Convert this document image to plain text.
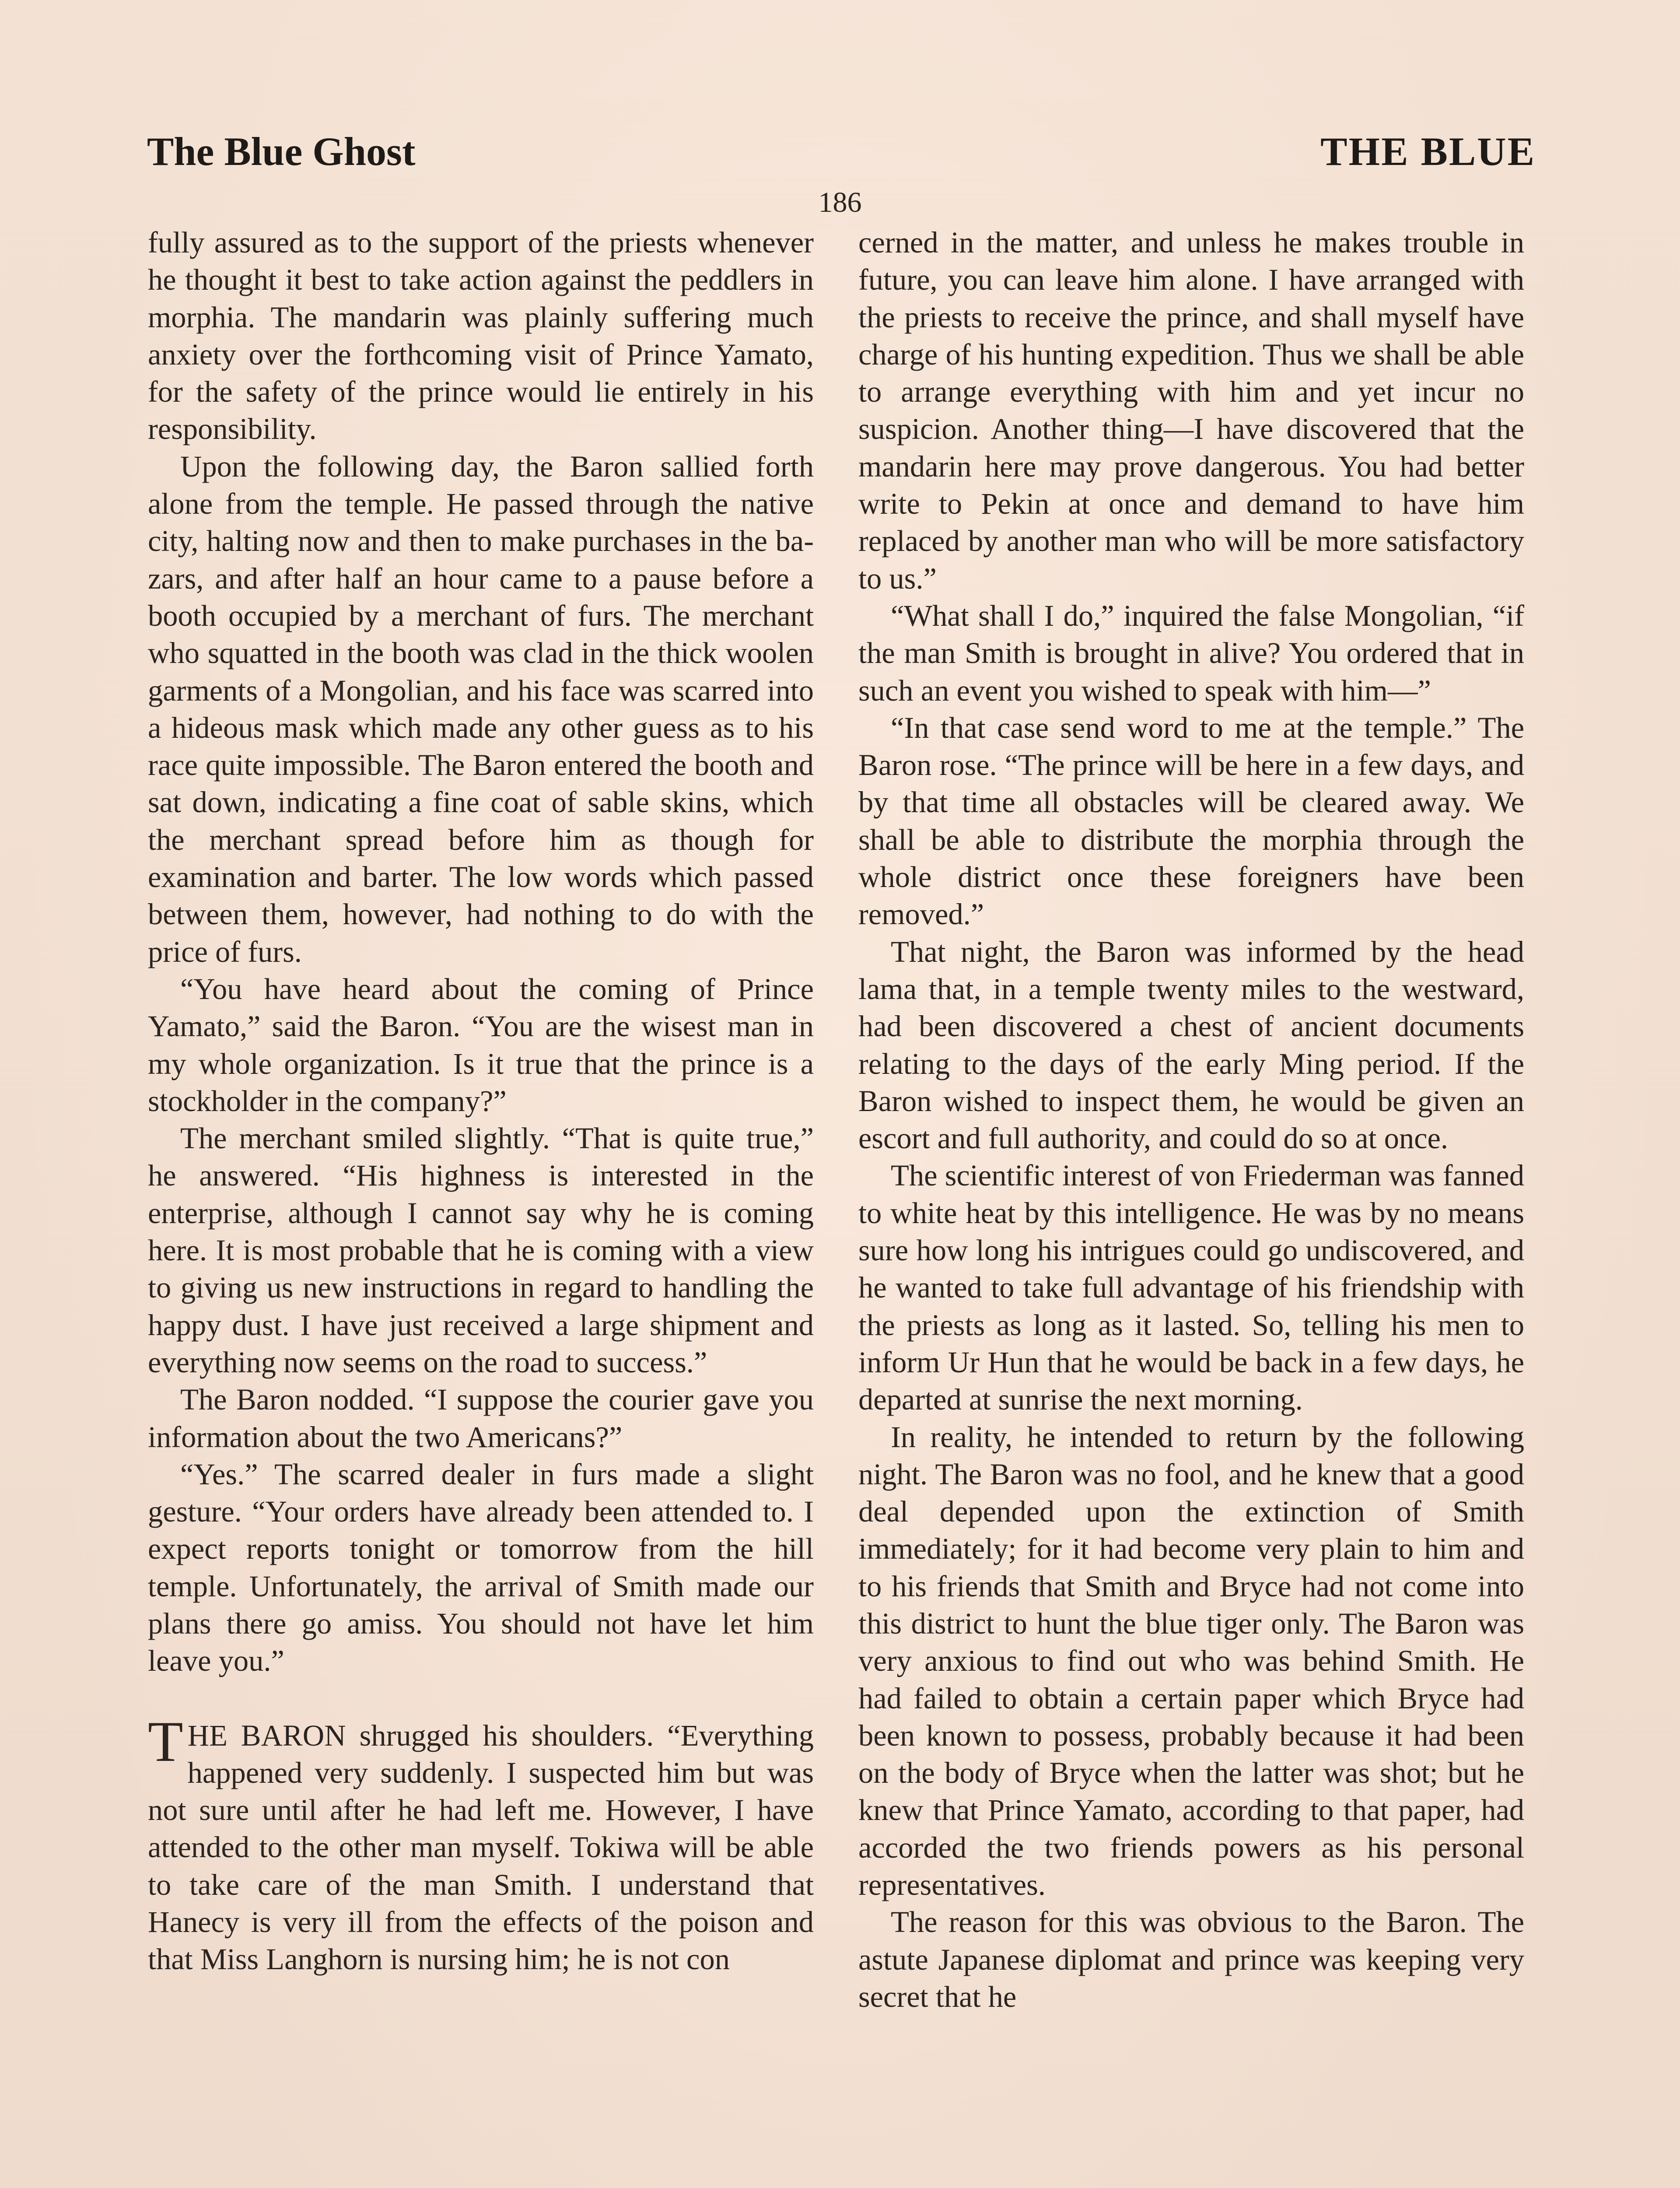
The Blue Ghost	THE BLUE
186

fully assured as to the support of the priests whenever he thought it best to take action against the peddlers in morphia. The mandarin was plainly suffering much anxiety over the forthcoming visit of Prince Yamato, for the safety of the prince would lie entirely in his responsibility.

Upon the following day, the Baron sallied forth alone from the temple. He passed through the native city, halting now and then to make purchases in the bazars, and after half an hour came to a pause before a booth occupied by a merchant of furs. The merchant who squatted in the booth was clad in the thick woolen garments of a Mongolian, and his face was scarred into a hideous mask which made any other guess as to his race quite impossible. The Baron entered the booth and sat down, indicating a fine coat of sable skins, which the merchant spread before him as though for examination and barter. The low words which passed between them, however, had nothing to do with the price of furs.

“You have heard about the coming of Prince Yamato,” said the Baron. “You are the wisest man in my whole organization. Is it true that the prince is a stockholder in the company?”

The merchant smiled slightly. “That is quite true,” he answered. “His highness is interested in the enterprise, although I cannot say why he is coming here. It is most probable that he is coming with a view to giving us new instructions in regard to handling the happy dust. I have just received a large shipment and everything now seems on the road to success.”

The Baron nodded. “I suppose the courier gave you information about the two Americans?”

“Yes.” The scarred dealer in furs made a slight gesture. “Your orders have already been attended to. I expect reports tonight or tomorrow from the hill temple. Unfortunately, the arrival of Smith made our plans there go amiss. You should not have let him leave you.”

THE BARON shrugged his shoulders. “Everything happened very suddenly. I suspected him but was not sure until after he had left me. However, I have attended to the other man myself. Tokiwa will be able to take care of the man Smith. I understand that Hanecy is very ill from the effects of the poison and that Miss Langhorn is nursing him; he is not con

cerned in the matter, and unless he makes trouble in future, you can leave him alone. I have arranged with the priests to receive the prince, and shall myself have charge of his hunting expedition. Thus we shall be able to arrange everything with him and yet incur no suspicion. Another thing—I have discovered that the mandarin here may prove dangerous. You had better write to Pekin at once and demand to have him replaced by another man who will be more satisfactory to us.”

“What shall I do,” inquired the false Mongolian, “if the man Smith is brought in alive? You ordered that in such an event you wished to speak with him—”

“In that case send word to me at the temple.” The Baron rose. “The prince will be here in a few days, and by that time all obstacles will be cleared away. We shall be able to distribute the morphia through the whole district once these foreigners have been removed.”

That night, the Baron was informed by the head lama that, in a temple twenty miles to the westward, had been discovered a chest of ancient documents relating to the days of the early Ming period. If the Baron wished to inspect them, he would be given an escort and full authority, and could do so at once.

The scientific interest of von Friederman was fanned to white heat by this intelligence. He was by no means sure how long his intrigues could go undiscovered, and he wanted to take full advantage of his friendship with the priests as long as it lasted. So, telling his men to inform Ur Hun that he would be back in a few days, he departed at sunrise the next morning.

In reality, he intended to return by the following night. The Baron was no fool, and he knew that a good deal depended upon the extinction of Smith immediately; for it had become very plain to him and to his friends that Smith and Bryce had not come into this district to hunt the blue tiger only. The Baron was very anxious to find out who was behind Smith. He had failed to obtain a certain paper which Bryce had been known to possess, probably because it had been on the body of Bryce when the latter was shot; but he knew that Prince Yamato, according to that paper, had accorded the two friends powers as his personal representatives.

The reason for this was obvious to the Baron. The astute Japanese diplomat and prince was keeping very secret that he
